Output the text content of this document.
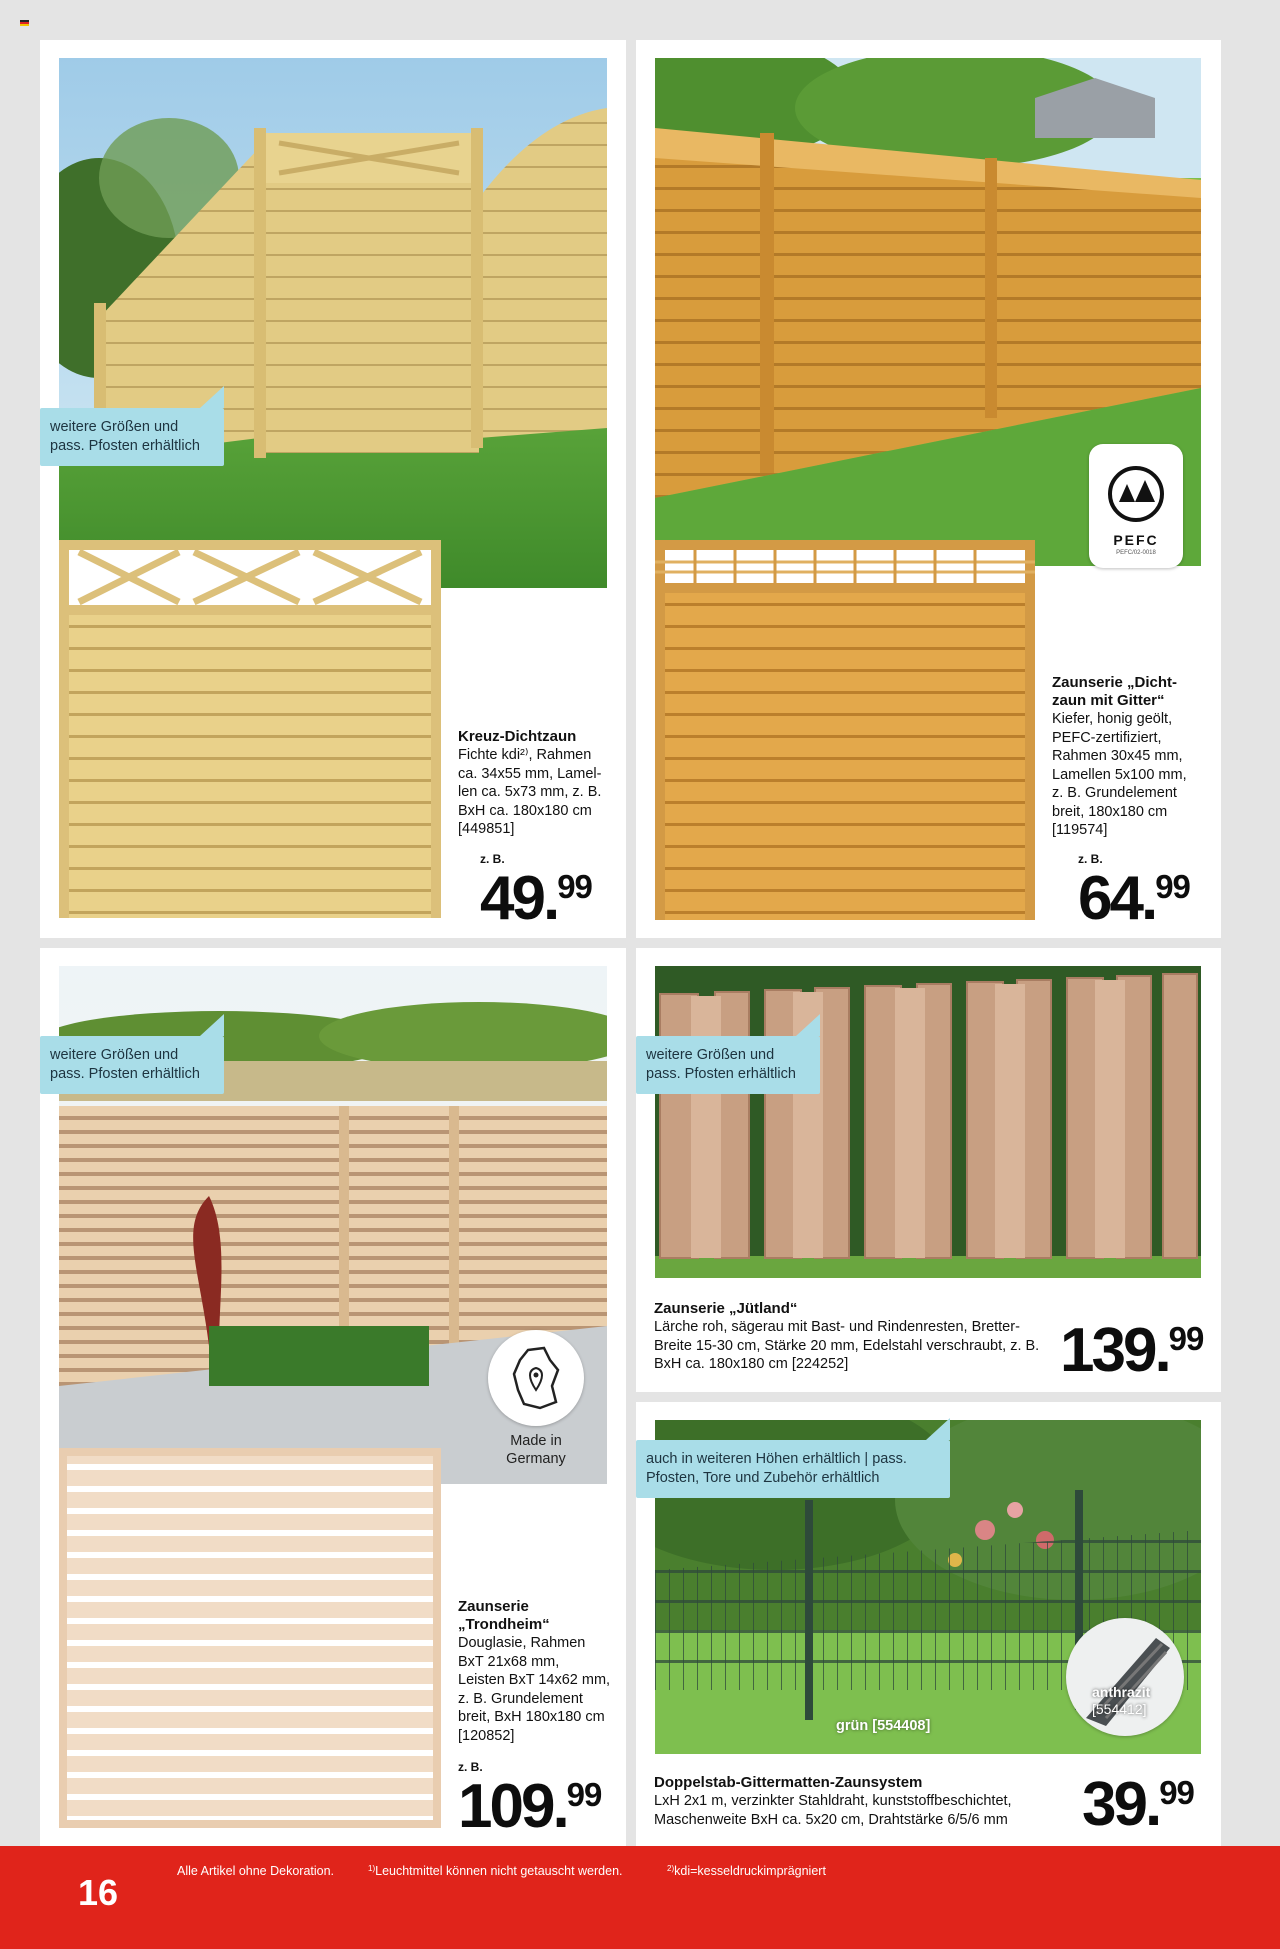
weitere Größen und
pass. Pfosten erhältlich
Kreuz-Dichtzaun
Fichte kdi²⁾, Rahmen
ca. 34x55 mm, Lamel-
len ca. 5x73 mm, z. B.
BxH ca. 180x180 cm
[449851]
z. B.
49.99
PEFC
PEFC/02-0018
Zaunserie „Dicht-
zaun mit Gitter“
Kiefer, honig geölt,
PEFC-zertifiziert,
Rahmen 30x45 mm,
Lamellen 5x100 mm,
z. B. Grundelement
breit, 180x180 cm
[119574]
z. B.
64.99
weitere Größen und
pass. Pfosten erhältlich
Made in
Germany
Zaunserie
„Trondheim“
Douglasie, Rahmen
BxT 21x68 mm,
Leisten BxT 14x62 mm,
z. B. Grundelement
breit, BxH 180x180 cm
[120852]
z. B.
109.99
weitere Größen und
pass. Pfosten erhältlich
Zaunserie „Jütland“
Lärche roh, sägerau mit Bast- und Rindenresten, Bretter-
Breite 15-30 cm, Stärke 20 mm, Edelstahl verschraubt, z. B.
BxH ca. 180x180 cm [224252]	139.99
auch in weiteren Höhen erhältlich | pass.
Pfosten, Tore und Zubehör erhältlich
grün [554408]
anthrazit
[554412]
Doppelstab-Gittermatten-Zaunsystem
LxH 2x1 m, verzinkter Stahldraht, kunststoffbeschichtet,
Maschenweite BxH ca. 5x20 cm, Drahtstärke 6/5/6 mm	39.99
16
Alle Artikel ohne Dekoration.	$^{1)}$Leuchtmittel können nicht getauscht werden.	$^{2)}$kdi=kesseldruckimprägniert
